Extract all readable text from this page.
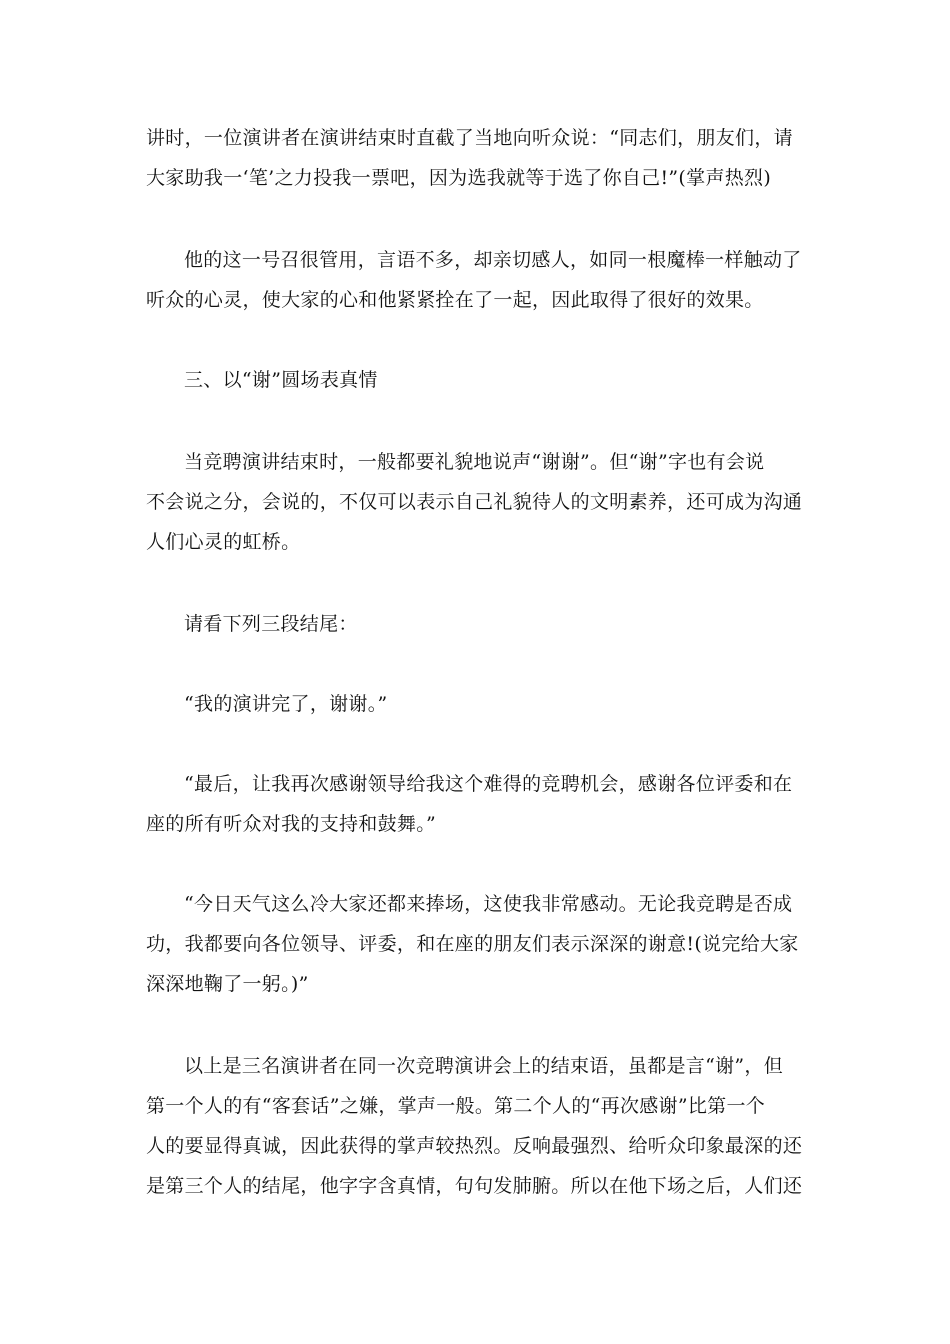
讲时，一位演讲者在演讲结束时直截了当地向听众说：“同志们，朋友们，请
大家助我一‘笔’之力投我一票吧，因为选我就等于选了你自己!”(掌声热烈)
他的这一号召很管用，言语不多，却亲切感人，如同一根魔棒一样触动了
听众的心灵，使大家的心和他紧紧拴在了一起，因此取得了很好的效果。
三、以“谢”圆场表真情
当竞聘演讲结束时，一般都要礼貌地说声“谢谢”。但“谢”字也有会说
不会说之分，会说的，不仅可以表示自己礼貌待人的文明素养，还可成为沟通
人们心灵的虹桥。
请看下列三段结尾：
“我的演讲完了，谢谢。”
“最后，让我再次感谢领导给我这个难得的竞聘机会，感谢各位评委和在
座的所有听众对我的支持和鼓舞。”
“今日天气这么冷大家还都来捧场，这使我非常感动。无论我竞聘是否成
功，我都要向各位领导、评委，和在座的朋友们表示深深的谢意!(说完给大家
深深地鞠了一躬。)”
以上是三名演讲者在同一次竞聘演讲会上的结束语，虽都是言“谢”，但
第一个人的有“客套话”之嫌，掌声一般。第二个人的“再次感谢”比第一个
人的要显得真诚，因此获得的掌声较热烈。反响最强烈、给听众印象最深的还
是第三个人的结尾，他字字含真情，句句发肺腑。所以在他下场之后，人们还
